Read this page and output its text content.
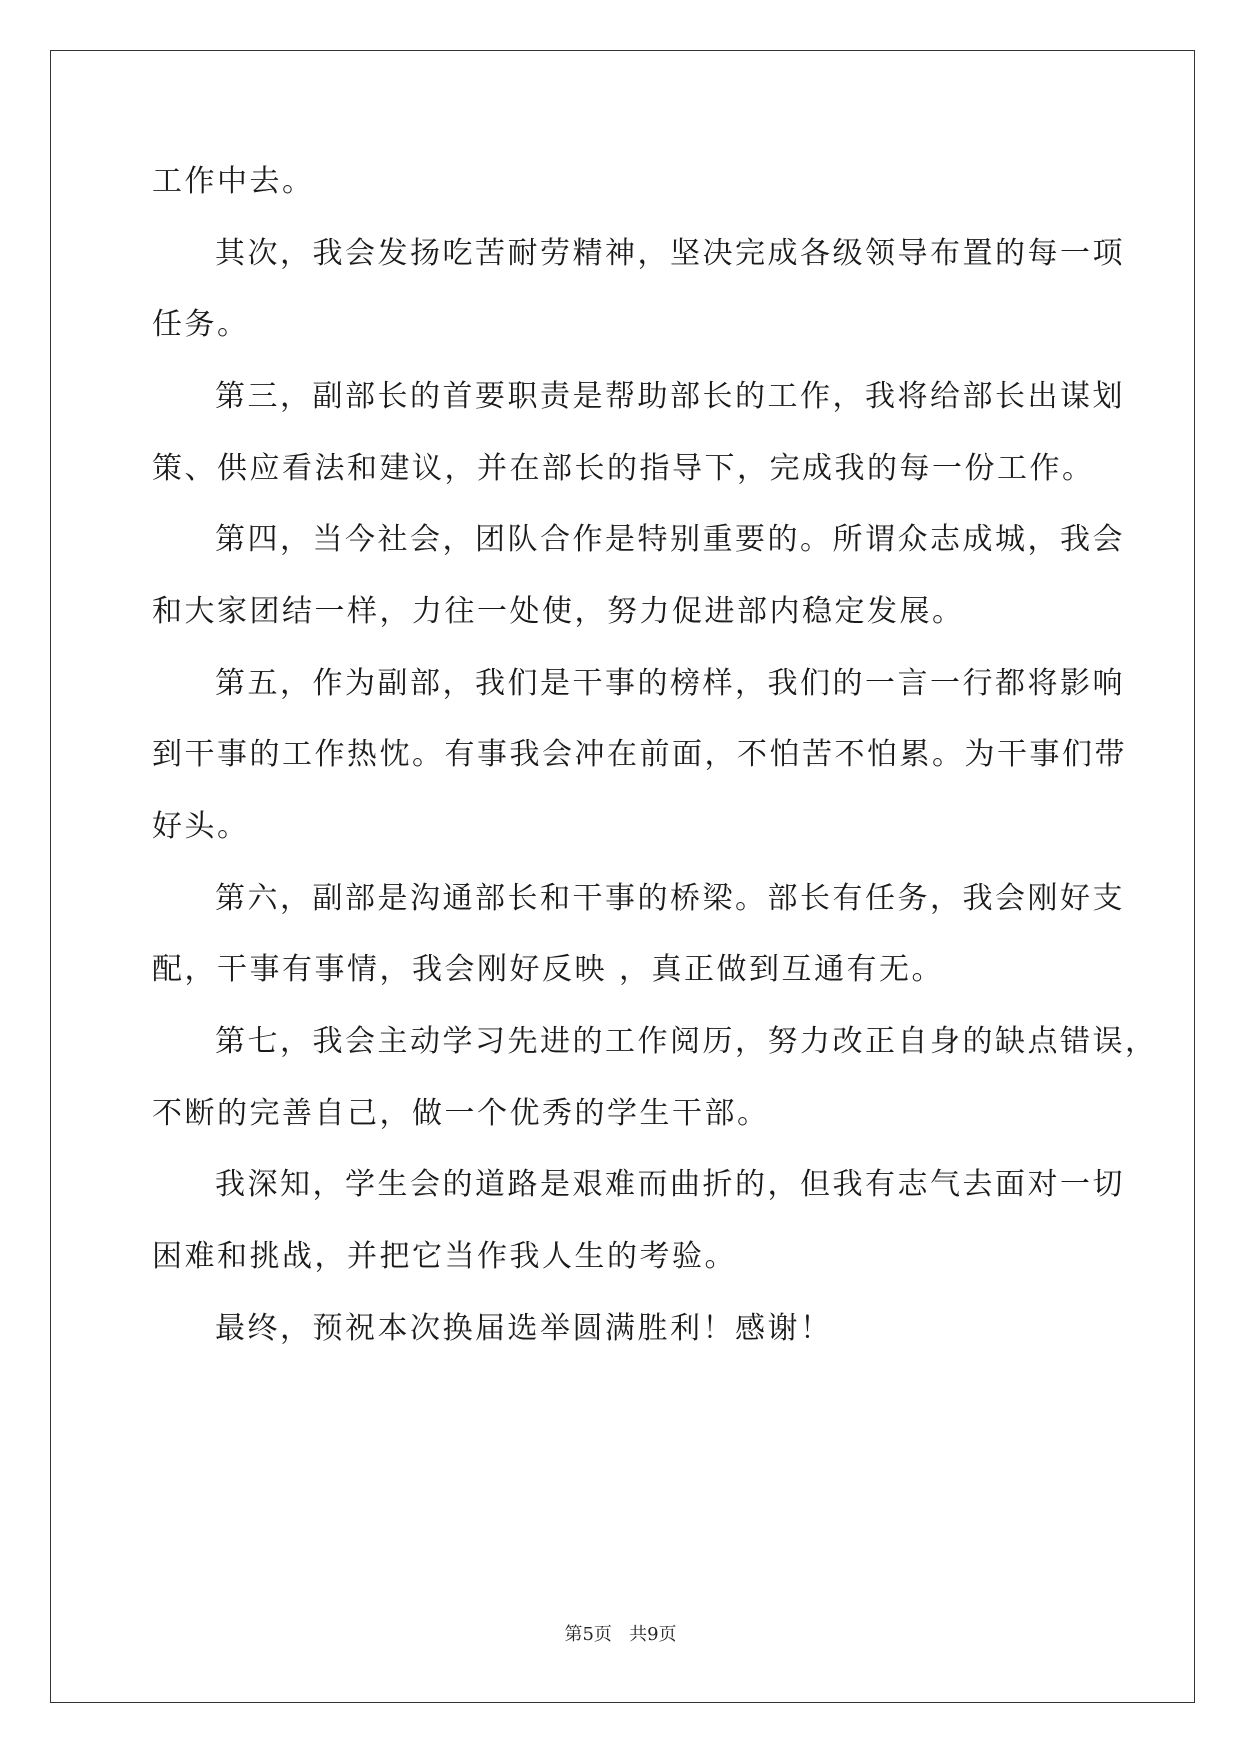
工作中去。
其次，我会发扬吃苦耐劳精神，坚决完成各级领导布置的每一项
任务。
第三，副部长的首要职责是帮助部长的工作，我将给部长出谋划
策、供应看法和建议，并在部长的指导下，完成我的每一份工作。
第四，当今社会，团队合作是特别重要的。所谓众志成城，我会
和大家团结一样，力往一处使，努力促进部内稳定发展。
第五，作为副部，我们是干事的榜样，我们的一言一行都将影响
到干事的工作热忱。有事我会冲在前面，不怕苦不怕累。为干事们带
好头。
第六，副部是沟通部长和干事的桥梁。部长有任务，我会刚好支
配，干事有事情，我会刚好反映 ，真正做到互通有无。
第七，我会主动学习先进的工作阅历，努力改正自身的缺点错误，
不断的完善自己，做一个优秀的学生干部。
我深知，学生会的道路是艰难而曲折的，但我有志气去面对一切
困难和挑战，并把它当作我人生的考验。
最终，预祝本次换届选举圆满胜利！感谢！
第5页 共9页
